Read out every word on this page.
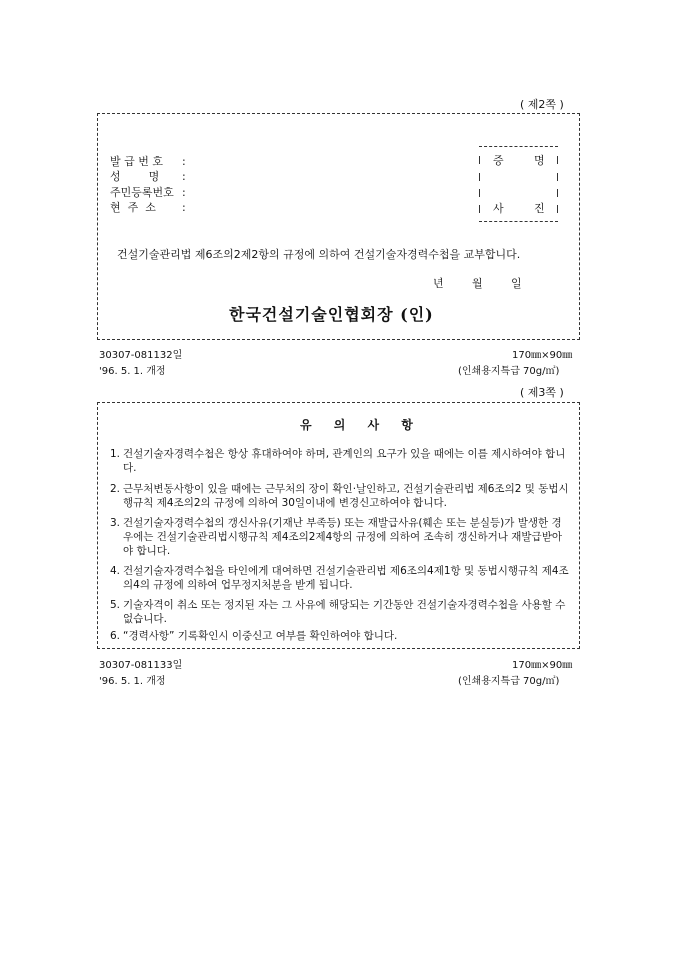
( 제2쪽 )
발 급 번 호 :
성        명 :
주민등록번호 :
현  주  소 :
증	명
사	진
건설기술관리법 제6조의2제2항의 규정에 의하여 건설기술자경력수첩을 교부합니다.
년	월	일
한국건설기술인협회장 (인)
30307-081132일
'96. 5. 1. 개정
170㎜×90㎜
(인쇄용지특급 70g/㎡)
( 제3쪽 )
유 의 사 항
1. 건설기술자경력수첩은 항상 휴대하여야 하며, 관계인의 요구가 있을 때에는 이를 제시하여야 합니다.
2. 근무처변동사항이 있을 때에는 근무처의 장이 확인·날인하고, 건설기술관리법 제6조의2 및 동법시행규칙 제4조의2의 규정에 의하여 30일이내에 변경신고하여야 합니다.
3. 건설기술자경력수첩의 갱신사유(기재난 부족등) 또는 재발급사유(훼손 또는 분실등)가 발생한 경우에는 건설기술관리법시행규칙 제4조의2제4항의 규정에 의하여 조속히 갱신하거나 재발급받아야 합니다.
4. 건설기술자경력수첩을 타인에게 대여하면 건설기술관리법 제6조의4제1항 및 동법시행규칙 제4조의4의 규정에 의하여 업무정지처분을 받게 됩니다.
5. 기술자격이 취소 또는 정지된 자는 그 사유에 해당되는 기간동안 건설기술자경력수첩을 사용할 수 없습니다.
6. “경력사항” 기록확인시 이중신고 여부를 확인하여야 합니다.
30307-081133일
'96. 5. 1. 개정
170㎜×90㎜
(인쇄용지특급 70g/㎡)
